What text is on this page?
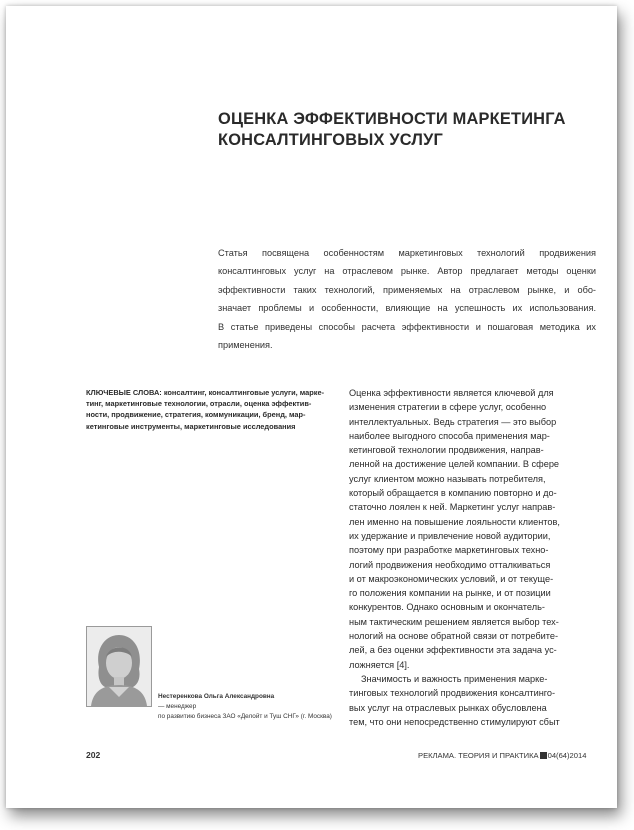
ОЦЕНКА ЭФФЕКТИВНОСТИ МАРКЕТИНГА
КОНСАЛТИНГОВЫХ УСЛУГ
Статья посвящена особенностям маркетинговых технологий продвижения
консалтинговых услуг на отраслевом рынке. Автор предлагает методы оценки
эффективности таких технологий, применяемых на отраслевом рынке, и обо-
значает проблемы и особенности, влияющие на успешность их использования.
В статье приведены способы расчета эффективности и пошаговая методика их
применения.
КЛЮЧЕВЫЕ СЛОВА: консалтинг, консалтинговые услуги, марке-
тинг, маркетинговые технологии, отрасли, оценка эффектив-
ности, продвижение, стратегия, коммуникации, бренд, мар-
кетинговые инструменты, маркетинговые исследования
Оценка эффективности является ключевой для
изменения стратегии в сфере услуг, особенно
интеллектуальных. Ведь стратегия — это выбор
наиболее выгодного способа применения мар-
кетинговой технологии продвижения, направ-
ленной на достижение целей компании. В сфере
услуг клиентом можно называть потребителя,
который обращается в компанию повторно и до-
статочно лоялен к ней. Маркетинг услуг направ-
лен именно на повышение лояльности клиентов,
их удержание и привлечение новой аудитории,
поэтому при разработке маркетинговых техно-
логий продвижения необходимо отталкиваться
и от макроэкономических условий, и от текуще-
го положения компании на рынке, и от позиции
конкурентов. Однако основным и окончатель-
ным тактическим решением является выбор тех-
нологий на основе обратной связи от потребите-
лей, а без оценки эффективности эта задача ус-
ложняется [4].
Значимость и важность применения марке-
тинговых технологий продвижения консалтинго-
вых услуг на отраслевых рынках обусловлена
тем, что они непосредственно стимулируют сбыт
Нестеренкова Ольга Александровна
— менеджер
по развитию бизнеса ЗАО «Делойт и Туш СНГ» (г. Москва)
202	РЕКЛАМА. ТЕОРИЯ И ПРАКТИКА 04(64)2014
